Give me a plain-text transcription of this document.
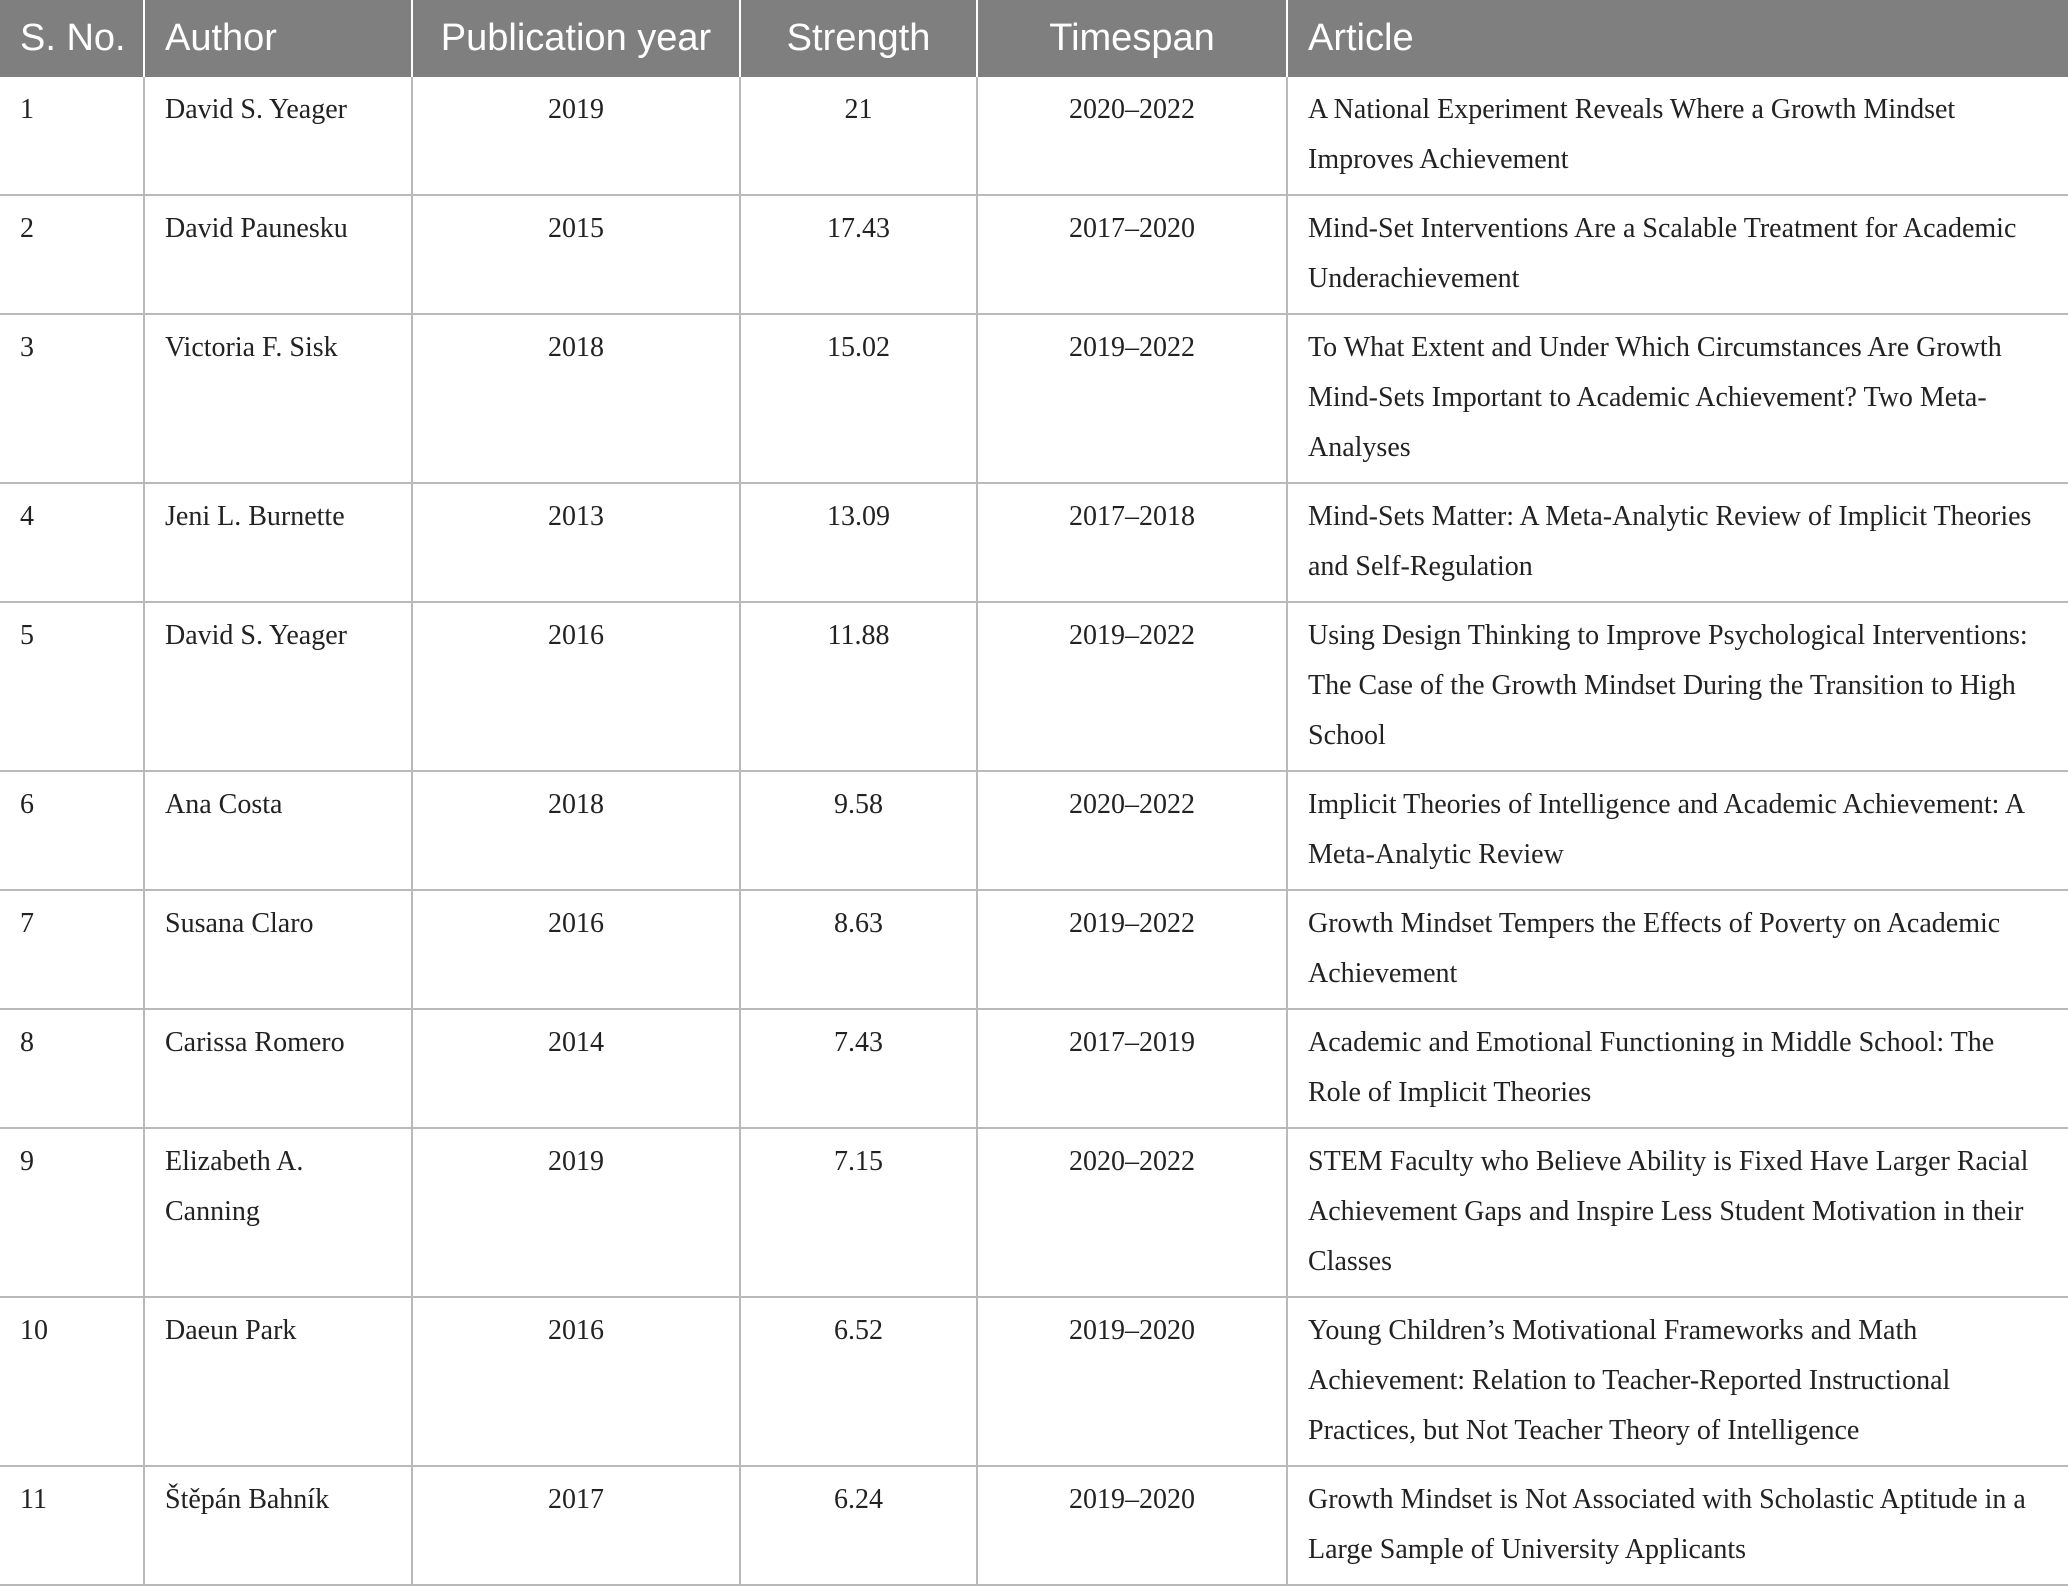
S. No.	Author	Publication year	Strength	Timespan	Article
1	David S. Yeager	2019	21	2020–2022	A National Experiment Reveals Where a Growth Mindset Improves Achievement
2	David Paunesku	2015	17.43	2017–2020	Mind-Set Interventions Are a Scalable Treatment for Academic Underachievement
3	Victoria F. Sisk	2018	15.02	2019–2022	To What Extent and Under Which Circumstances Are Growth Mind-Sets Important to Academic Achievement? Two Meta-Analyses
4	Jeni L. Burnette	2013	13.09	2017–2018	Mind-Sets Matter: A Meta-Analytic Review of Implicit Theories and Self-Regulation
5	David S. Yeager	2016	11.88	2019–2022	Using Design Thinking to Improve Psychological Interventions: The Case of the Growth Mindset During the Transition to High School
6	Ana Costa	2018	9.58	2020–2022	Implicit Theories of Intelligence and Academic Achievement: A Meta-Analytic Review
7	Susana Claro	2016	8.63	2019–2022	Growth Mindset Tempers the Effects of Poverty on Academic Achievement
8	Carissa Romero	2014	7.43	2017–2019	Academic and Emotional Functioning in Middle School: The Role of Implicit Theories
9	Elizabeth A. Canning	2019	7.15	2020–2022	STEM Faculty who Believe Ability is Fixed Have Larger Racial Achievement Gaps and Inspire Less Student Motivation in their Classes
10	Daeun Park	2016	6.52	2019–2020	Young Children’s Motivational Frameworks and Math Achievement: Relation to Teacher-Reported Instructional Practices, but Not Teacher Theory of Intelligence
11	Štěpán Bahník	2017	6.24	2019–2020	Growth Mindset is Not Associated with Scholastic Aptitude in a Large Sample of University Applicants
